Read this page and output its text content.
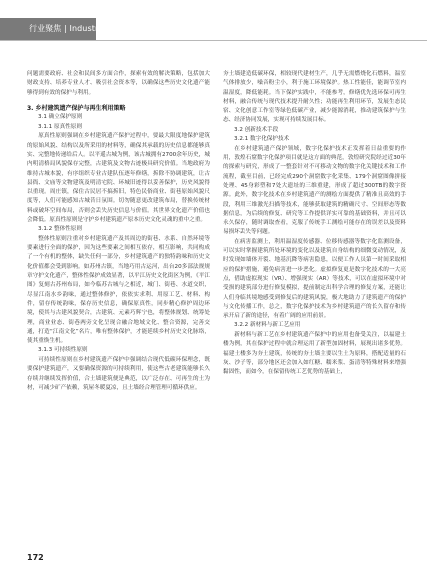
行业聚焦 | Industry Focus
问题需要政府、社会和民间多方面合作，探索有效的解决策略，包括加大财政支持、培养专业人才、吸引社会资本等，以确保这些历史文化遗产能够得到有效的保护与利用。
3. 乡村建筑遗产保护与再生利用策略
3.1 确立保护原则
3.1.1 原真性原则
原真性原则强调在乡村建筑遗产保护过程中，要最大限度地保护建筑的原始风貌、结构以及所采用的材料等，确保其承载的历史信息都能够真实、完整地传递给后人。以平遥古城为例，该古城拥有2700余年历史，城内明清格局风貌保存完整，古建筑及文物古迹极具研究价值。当地政府为维持古城本貌，有序组织专业古建队伍逐年修缮，拆除不协调建筑，让古县衙、文庙等文物建筑及明清宅院、环城旧迹得以妥善保护，历史风貌得以重现。周庄镇，保住古民居不搞拆旧，特色民俗商业、街巷原始风貌尺度等，人们可能感知古城昔日氛围。切勿随意更改建筑布局，替换传统材料或破坏空间布局，否则会丢失历史信息与价值。其世界文化遗产价值也会降低。原真性原则是守护乡村建筑遗产原本历史文化灵魂的重中之重。
3.1.2 整体性原则
整体性原则注重对乡村建筑遗产及其周边的街巷、水系、自然环境等要素进行全面的保护，因为这些要素之间相互依存，相互影响，共同构成了一个有机的整体，缺失任何一部分，乡村建筑遗产的独特韵味和历史文化价值都会受到影响。如苏州古镇，当地巧用古运河，出台20多部法规规章守护文化遗产，整体性保护成效显著，以平江历史文化街区为例，《平江图》复刻古苏州布局，如今临苏古城与之相近，城门、街巷、水道交织，尽显江南水乡韵味，通过整体修护，依依实求利、用原工艺、材料、构件，留存传统韵味，保存历史信息，确保原真性，同步精心修护周边环境，使其与古建风貌契合，古建筑、元素巧辉宁也，将整体规划、统筹处理，商业业态、街巷两旁文化呈现合融合地域文化、整合资源，完善交通，打造“江南文化”名片，唯有整体保护，才能延续乡村历史文化脉络，使其重焕生机。
3.1.3 可持续性原则
可持续性原则在乡村建筑遗产保护中强调结合现代低碳环保理念，既要保护建筑遗产，又要确保资源的可持续利用，使这些古老建筑能够长久存续并继续发挥价值，合土墙建筑便是典范，以广泛存在、可再生的土为材，可减少矿产依赖，筑屋冬暖夏凉，且土墙经合理管理可循环供应。
夯土墙建造低碳环保，相较现代建材生产，几乎无需燃烧化石燃料，温室气体排放少，噪音粉尘小，利于施工环境保护。热工性能佳，能调节室内温湿度，降低能耗。当下保护实践中，不能参考，修缮优先选环保可再生材料，融合传统与现代技术提升耐久性；功能再生利用环节，发展生态民宿、文化创意工作室等绿色低碳产业，减少能源消耗，推动建筑保护与生态、经济协同发展，实现可持续发展目标。
3.2 创新技术手段
3.2.1 数字化保护技术
在乡村建筑遗产保护领域，数字化保护技术正发挥着日益重要的作用，敦煌石窟数字化保护项目就是这方面的典范，敦煌研究院经过近30年的探索与研究，形成了一整套针对不可移动文物的数字化关键技术和工作流程，截至目前，已经完成290个洞窟数字化采集、179个洞窟图像拼接处理、45身彩塑和7处大遗址的三维重建，形成了超过300TB的数字资源。此外，数字化技术在乡村建筑遗产的测绘方面提供了精准且高效的手段，利用三维激光扫描等技术，能够获取建筑的精确尺寸、空间形态等数据信息，为后续的修复、研究等工作提供详实可靠的基础资料，并且可以永久保存，随时调取查看，克服了传统手工测绘可能存在的误差以及资料易损坏丢失等问题。
在病害监测上，利用温湿度传感器、位移传感器等数字化监测设备，可以实时掌握建筑所处环境的变化以及建筑自身结构的细微变动情况，及时发现如墙体开裂、地基沉降等病害隐患，以便工作人员第一时间采取相应的保护措施，避免病害进一步恶化。虚拟修复更是数字化技术的一大亮点，借助虚拟现实（VR）、增强现实（AR）等技术，可以在虚拟环境中对受损的建筑部分进行修复模拟，提前制定出科学合理的修复方案，还能让人们身临其境地感受到修复后的建筑风貌，极大地助力了建筑遗产的保护与文化传播工作，总之，数字化保护技术为乡村建筑遗产的长久留存和传承开启了新的途径，有着广阔的应用前景。
3.2.2 新材料与新工艺应用
新材料与新工艺在乡村建筑遗产保护中的应用也备受关注，以福建土楼为例，其在保护过程中就合理运用了新型加固材料，展现出诸多优势。福建土楼多为夯土建筑，传统的夯土墙主要以生土为原料，搭配适量的石灰、沙子等，部分地区还会加入如红糖、糯米浆、蛋清等特殊材料来增强黏固性，而如今，在保留传统工艺优势的基础上，
172
